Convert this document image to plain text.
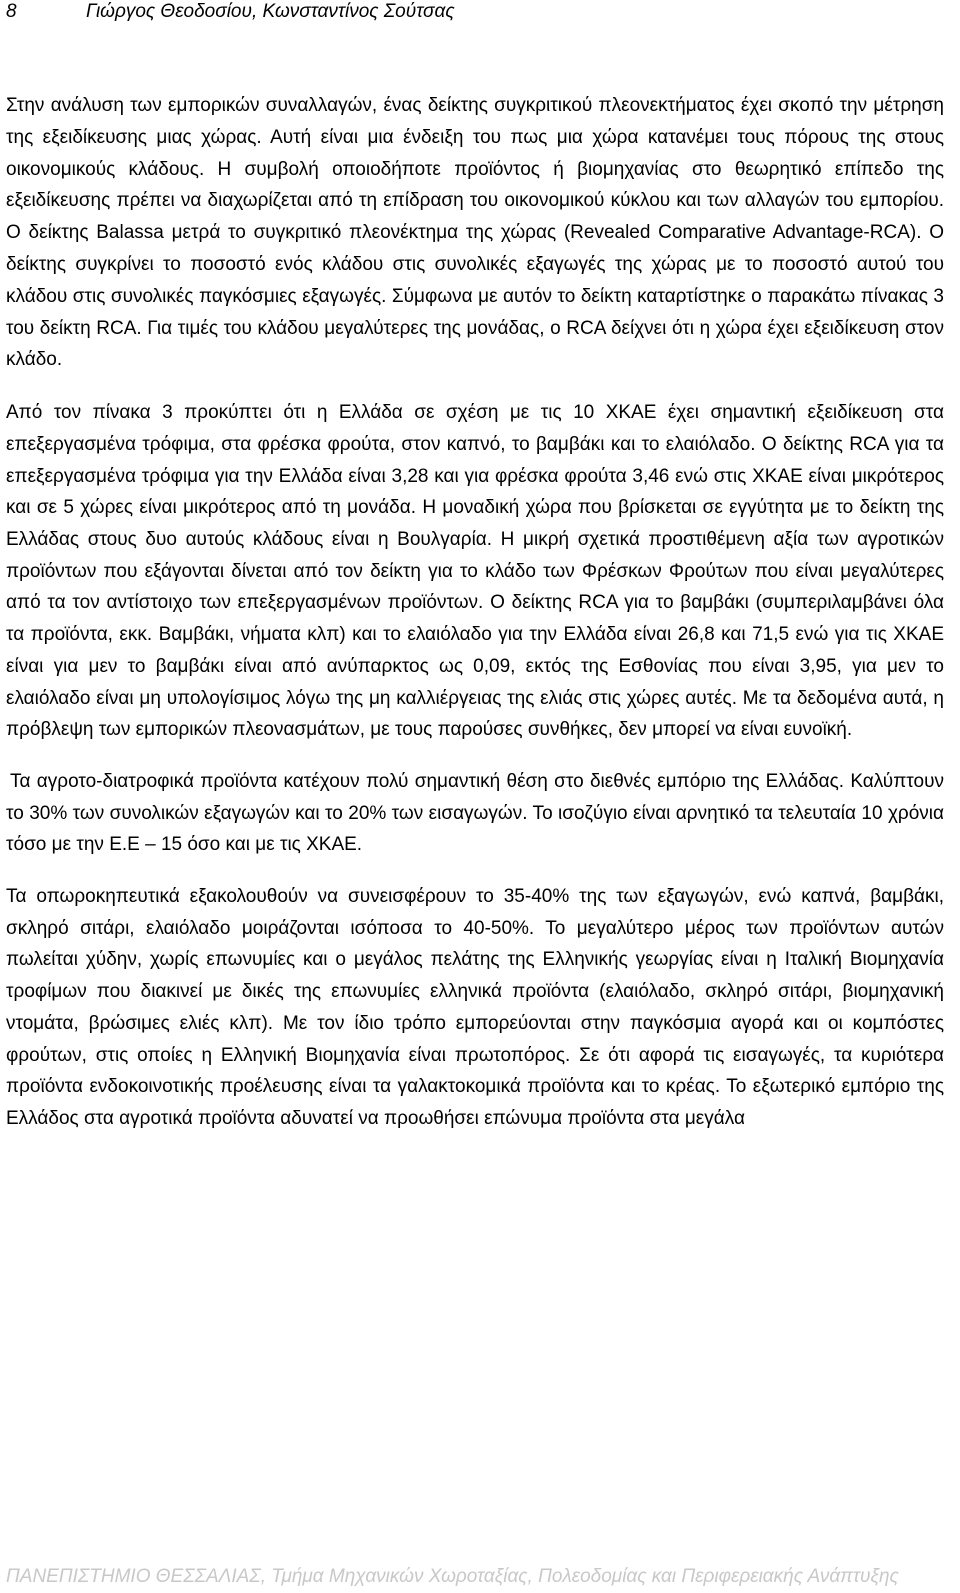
8	Γιώργος Θεοδοσίου, Κωνσταντίνος Σούτσας

Στην ανάλυση των εμπορικών συναλλαγών, ένας δείκτης συγκριτικού πλεονεκτήματος έχει σκοπό την μέτρηση της εξειδίκευσης μιας χώρας. Αυτή είναι μια ένδειξη του πως μια χώρα κατανέμει τους πόρους της στους οικονομικούς κλάδους. Η συμβολή οποιοδήποτε προϊόντος ή βιομηχανίας στο θεωρητικό επίπεδο της εξειδίκευσης πρέπει να διαχωρίζεται από τη επίδραση του οικονομικού κύκλου και των αλλαγών του εμπορίου. Ο δείκτης Balassa μετρά το συγκριτικό πλεονέκτημα της χώρας (Revealed Comparative Advantage-RCA). Ο δείκτης συγκρίνει το ποσοστό ενός κλάδου στις συνολικές εξαγωγές της χώρας με το ποσοστό αυτού του κλάδου στις συνολικές παγκόσμιες εξαγωγές. Σύμφωνα με αυτόν το δείκτη καταρτίστηκε ο παρακάτω πίνακας 3 του δείκτη RCA. Για τιμές του κλάδου μεγαλύτερες της μονάδας, ο RCA δείχνει ότι η χώρα έχει εξειδίκευση στον κλάδο.

Από τον πίνακα 3 προκύπτει ότι η Ελλάδα σε σχέση με τις 10 ΧΚΑΕ έχει σημαντική εξειδίκευση στα επεξεργασμένα τρόφιμα, στα φρέσκα φρούτα, στον καπνό, το βαμβάκι και το ελαιόλαδο. Ο δείκτης RCA για τα επεξεργασμένα τρόφιμα για την Ελλάδα είναι 3,28 και για φρέσκα φρούτα 3,46 ενώ στις ΧΚΑΕ είναι μικρότερος και σε 5 χώρες είναι μικρότερος από τη μονάδα. Η μοναδική χώρα που βρίσκεται σε εγγύτητα με το δείκτη της Ελλάδας στους δυο αυτούς κλάδους είναι η Βουλγαρία. Η μικρή σχετικά προστιθέμενη αξία των αγροτικών προϊόντων που εξάγονται δίνεται από τον δείκτη για το κλάδο των Φρέσκων Φρούτων που είναι μεγαλύτερες από τα τον αντίστοιχο των επεξεργασμένων προϊόντων. Ο δείκτης RCA για το βαμβάκι (συμπεριλαμβάνει όλα τα προϊόντα, εκκ. Βαμβάκι, νήματα κλπ) και το ελαιόλαδο για την Ελλάδα είναι 26,8 και 71,5 ενώ για τις ΧΚΑΕ είναι για μεν το βαμβάκι είναι από ανύπαρκτος ως 0,09, εκτός της Εσθονίας που είναι 3,95, για μεν το ελαιόλαδο είναι μη υπολογίσιμος λόγω της μη καλλιέργειας της ελιάς στις χώρες αυτές. Με τα δεδομένα αυτά, η πρόβλεψη των εμπορικών πλεονασμάτων, με τους παρούσες συνθήκες, δεν μπορεί να είναι ευνοϊκή.

Τα αγροτο-διατροφικά προϊόντα κατέχουν πολύ σημαντική θέση στο διεθνές εμπόριο της Ελλάδας. Καλύπτουν το 30% των συνολικών εξαγωγών και το 20% των εισαγωγών. Το ισοζύγιο είναι αρνητικό τα τελευταία 10 χρόνια τόσο με την Ε.Ε – 15 όσο και με τις ΧΚΑΕ.

Τα οπωροκηπευτικά εξακολουθούν να συνεισφέρουν το 35-40% της των εξαγωγών, ενώ καπνά, βαμβάκι, σκληρό σιτάρι, ελαιόλαδο μοιράζονται ισόποσα το 40-50%. Το μεγαλύτερο μέρος των προϊόντων αυτών πωλείται χύδην, χωρίς επωνυμίες και ο μεγάλος πελάτης της Ελληνικής γεωργίας είναι η Ιταλική Βιομηχανία τροφίμων που διακινεί με δικές της επωνυμίες ελληνικά προϊόντα (ελαιόλαδο, σκληρό σιτάρι, βιομηχανική ντομάτα, βρώσιμες ελιές κλπ). Με τον ίδιο τρόπο εμπορεύονται στην παγκόσμια αγορά και οι κομπόστες φρούτων, στις οποίες η Ελληνική Βιομηχανία είναι πρωτοπόρος. Σε ότι αφορά τις εισαγωγές, τα κυριότερα προϊόντα ενδοκοινοτικής προέλευσης είναι τα γαλακτοκομικά προϊόντα και το κρέας. Το εξωτερικό εμπόριο της Ελλάδος στα αγροτικά προϊόντα αδυνατεί να προωθήσει επώνυμα προϊόντα στα μεγάλα

ΠΑΝΕΠΙΣΤΗΜΙΟ ΘΕΣΣΑΛΙΑΣ, Τμήμα Μηχανικών Χωροταξίας, Πολεοδομίας και Περιφερειακής Ανάπτυξης
